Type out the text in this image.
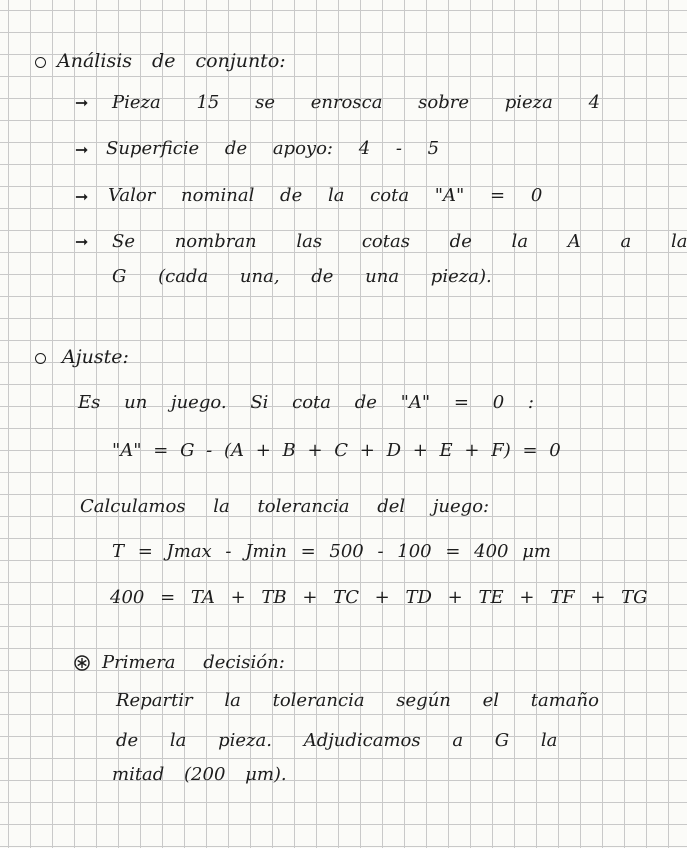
Análisis de conjunto:
➞ Pieza 15 se enrosca sobre pieza 4
➞ Superficie de apoyo: 4 - 5
➞ Valor nominal de la cota "A" = 0
➞ Se nombran las cotas de la A a la
G (cada una, de una pieza).
Ajuste:
Es un juego. Si cota de "A" = 0 :
"A" = G - (A + B + C + D + E + F) = 0
Calculamos la tolerancia del juego:
T = Jmax - Jmin = 500 - 100 = 400 μm
400 = TA + TB + TC + TD + TE + TF + TG
Primera decisión:
Repartir la tolerancia según el tamaño
de la pieza. Adjudicamos a G la
mitad (200 μm).
